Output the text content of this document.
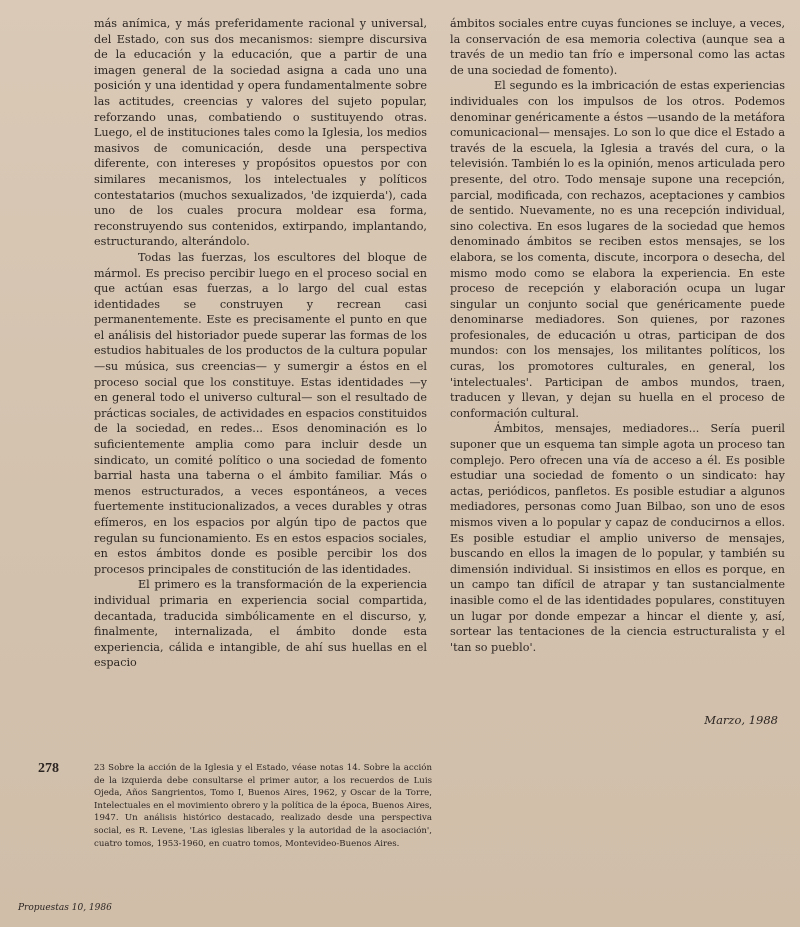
más anímica, y más preferidamente racional y universal, del Estado, con sus dos mecanismos: siempre discursiva de la educación y la educación, que a partir de una imagen general de la sociedad asigna a cada uno una posición y una identidad y opera fundamentalmente sobre las actitudes, creencias y valores del sujeto popular, reforzando unas, combatiendo o sustituyendo otras. Luego, el de instituciones tales como la Iglesia, los medios masivos de comunicación, desde una perspectiva diferente, con intereses y propósitos opuestos por con similares mecanismos, los intelectuales y políticos contestatarios (muchos sexualizados, 'de izquierda'), cada uno de los cuales procura moldear esa forma, reconstruyendo sus contenidos, extirpando, implantando, estructurando, alterándolo.

Todas las fuerzas, los escultores del bloque de mármol. Es preciso percibir luego en el proceso social en que actúan esas fuerzas, a lo largo del cual estas identidades se construyen y recrean casi permanentemente. Este es precisamente el punto en que el análisis del historiador puede superar las formas de los estudios habituales de los productos de la cultura popular —su música, sus creencias— y sumergir a éstos en el proceso social que los constituye. Estas identidades —y en general todo el universo cultural— son el resultado de prácticas sociales, de actividades en espacios constituidos de la sociedad, en redes... Esos denominación es lo suficientemente amplia como para incluir desde un sindicato, un comité político o una sociedad de fomento barrial hasta una taberna o el ámbito familiar. Más o menos estructurados, a veces espontáneos, a veces fuertemente institucionalizados, a veces durables y otras efímeros, en los espacios por algún tipo de pactos que regulan su funcionamiento. Es en estos espacios sociales, en estos ámbitos donde es posible percibir los dos procesos principales de constitución de las identidades.

El primero es la transformación de la experiencia individual primaria en experiencia social compartida, decantada, traducida simbólicamente en el discurso, y, finalmente, internalizada, el ámbito donde esta experiencia, cálida e intangible, de ahí sus huellas en el espacio

ámbitos sociales entre cuyas funciones se incluye, a veces, la conservación de esa memoria colectiva (aunque sea a través de un medio tan frío e impersonal como las actas de una sociedad de fomento).

El segundo es la imbricación de estas experiencias individuales con los impulsos de los otros. Podemos denominar genéricamente a éstos —usando de la metáfora comunicacional— mensajes. Lo son lo que dice el Estado a través de la escuela, la Iglesia a través del cura, o la televisión. También lo es la opinión, menos articulada pero presente, del otro. Todo mensaje supone una recepción, parcial, modificada, con rechazos, aceptaciones y cambios de sentido. Nuevamente, no es una recepción individual, sino colectiva. En esos lugares de la sociedad que hemos denominado ámbitos se reciben estos mensajes, se los elabora, se los comenta, discute, incorpora o desecha, del mismo modo como se elabora la experiencia. En este proceso de recepción y elaboración ocupa un lugar singular un conjunto social que genéricamente puede denominarse mediadores. Son quienes, por razones profesionales, de educación u otras, participan de dos mundos: con los mensajes, los militantes políticos, los curas, los promotores culturales, en general, los 'intelectuales'. Participan de ambos mundos, traen, traducen y llevan, y dejan su huella en el proceso de conformación cultural.

Ámbitos, mensajes, mediadores... Sería pueril suponer que un esquema tan simple agota un proceso tan complejo. Pero ofrecen una vía de acceso a él. Es posible estudiar una sociedad de fomento o un sindicato: hay actas, periódicos, panfletos. Es posible estudiar a algunos mediadores, personas como Juan Bilbao, son uno de esos mismos viven a lo popular y capaz de conducirnos a ellos. Es posible estudiar el amplio universo de mensajes, buscando en ellos la imagen de lo popular, y también su dimensión individual. Si insistimos en ellos es porque, en un campo tan difícil de atrapar y tan sustancialmente inasible como el de las identidades populares, constituyen un lugar por donde empezar a hincar el diente y, así, sortear las tentaciones de la ciencia estructuralista y el 'tan so pueblo'.

Marzo, 1988
278	23 Sobre la acción de la Iglesia y el Estado, véase notas 14. Sobre la acción de la izquierda debe consultarse el primer autor, a los recuerdos de Luis Ojeda, Años Sangrientos, Tomo I, Buenos Aires, 1962, y Oscar de la Torre, Intelectuales en el movimiento obrero y la política de la época, Buenos Aires, 1947. Un análisis histórico destacado, realizado desde una perspectiva social, es R. Levene, 'Las iglesias liberales y la autoridad de la asociación', cuatro tomos, 1953-1960, en cuatro tomos, Montevideo-Buenos Aires.
Propuestas 10, 1986
